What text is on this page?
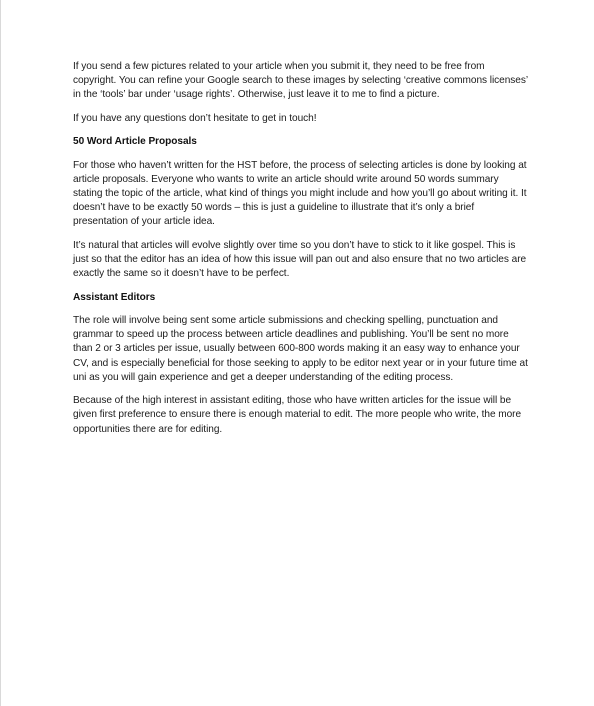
If you send a few pictures related to your article when you submit it, they need to be free from copyright. You can refine your Google search to these images by selecting ‘creative commons licenses’ in the ‘tools’ bar under ‘usage rights’. Otherwise, just leave it to me to find a picture.

If you have any questions don’t hesitate to get in touch!

50 Word Article Proposals

For those who haven’t written for the HST before, the process of selecting articles is done by looking at article proposals. Everyone who wants to write an article should write around 50 words summary stating the topic of the article, what kind of things you might include and how you’ll go about writing it. It doesn’t have to be exactly 50 words – this is just a guideline to illustrate that it’s only a brief presentation of your article idea.

It’s natural that articles will evolve slightly over time so you don’t have to stick to it like gospel. This is just so that the editor has an idea of how this issue will pan out and also ensure that no two articles are exactly the same so it doesn’t have to be perfect.

Assistant Editors

The role will involve being sent some article submissions and checking spelling, punctuation and grammar to speed up the process between article deadlines and publishing. You’ll be sent no more than 2 or 3 articles per issue, usually between 600-800 words making it an easy way to enhance your CV, and is especially beneficial for those seeking to apply to be editor next year or in your future time at uni as you will gain experience and get a deeper understanding of the editing process.

Because of the high interest in assistant editing, those who have written articles for the issue will be given first preference to ensure there is enough material to edit. The more people who write, the more opportunities there are for editing.
